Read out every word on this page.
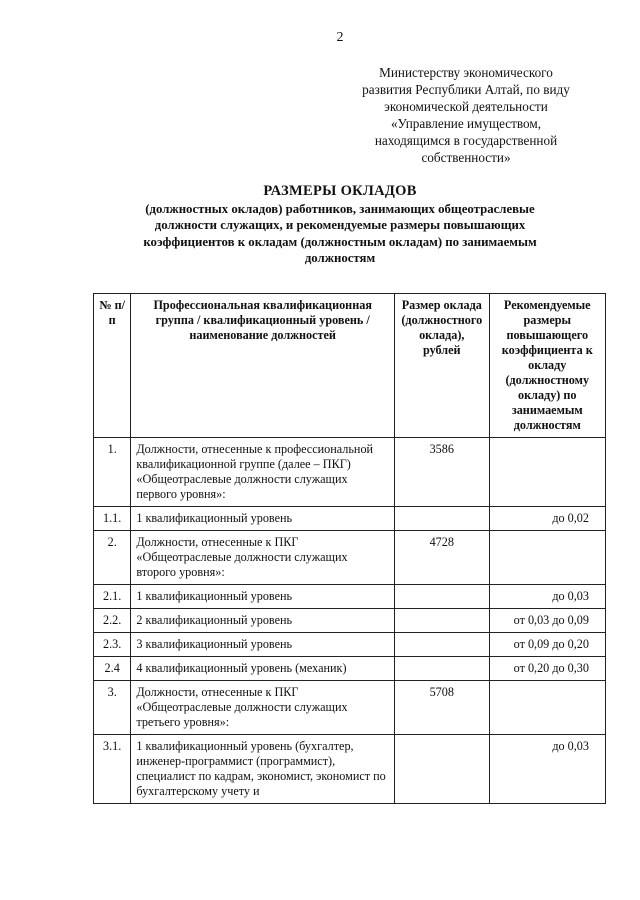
2
Министерству экономического
развития Республики Алтай, по виду
экономической деятельности
«Управление имуществом,
находящимся в государственной
собственности»
РАЗМЕРЫ ОКЛАДОВ
(должностных окладов) работников, занимающих общеотраслевые
должности служащих, и рекомендуемые размеры повышающих
коэффициентов к окладам (должностным окладам) по занимаемым
должностям
№ п/п	Профессиональная квалификационная группа / квалификационный уровень / наименование должностей	Размер оклада (должностного оклада), рублей	Рекомендуемые размеры повышающего коэффициента к окладу (должностному окладу) по занимаемым должностям
1.	Должности, отнесенные к профессиональной квалификационной группе (далее – ПКГ) «Общеотраслевые должности служащих первого уровня»:	3586	
1.1.	1 квалификационный уровень		до 0,02
2.	Должности, отнесенные к ПКГ «Общеотраслевые должности служащих второго уровня»:	4728	
2.1.	1 квалификационный уровень		до 0,03
2.2.	2 квалификационный уровень		от 0,03 до 0,09
2.3.	3 квалификационный уровень		от 0,09 до 0,20
2.4	4 квалификационный уровень (механик)		от 0,20 до 0,30
3.	Должности, отнесенные к ПКГ «Общеотраслевые должности служащих третьего уровня»:	5708	
3.1.	1 квалификационный уровень (бухгалтер, инженер-программист (программист), специалист по кадрам, экономист, экономист по бухгалтерскому учету и		до 0,03
